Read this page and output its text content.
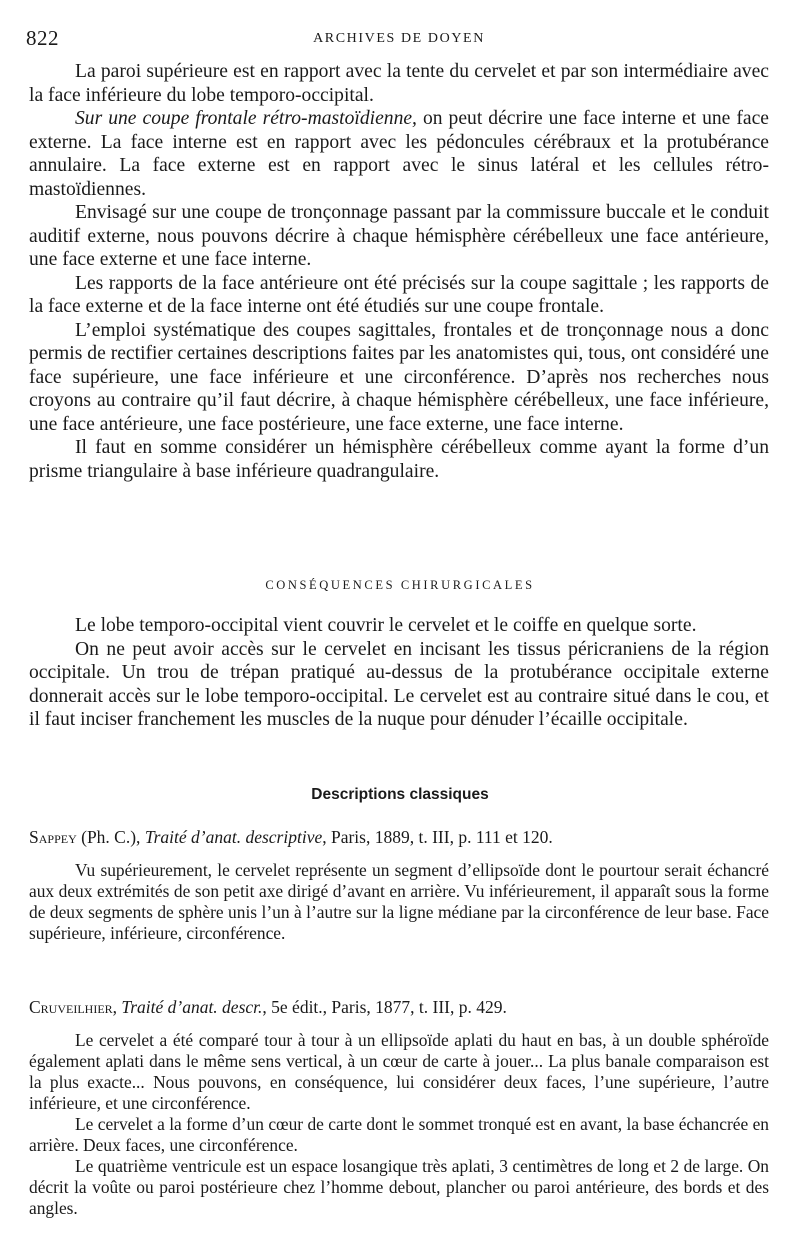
822	ARCHIVES DE DOYEN

La paroi supérieure est en rapport avec la tente du cervelet et par son intermédiaire avec la face inférieure du lobe temporo-occipital.

Sur une coupe frontale rétro-mastoïdienne, on peut décrire une face interne et une face externe. La face interne est en rapport avec les pédoncules cérébraux et la protubérance annulaire. La face externe est en rapport avec le sinus latéral et les cellules rétro-mastoïdiennes.

Envisagé sur une coupe de tronçonnage passant par la commissure buccale et le conduit auditif externe, nous pouvons décrire à chaque hémisphère cérébelleux une face antérieure, une face externe et une face interne.

Les rapports de la face antérieure ont été précisés sur la coupe sagittale ; les rapports de la face externe et de la face interne ont été étudiés sur une coupe frontale.

L’emploi systématique des coupes sagittales, frontales et de tronçonnage nous a donc permis de rectifier certaines descriptions faites par les anatomistes qui, tous, ont considéré une face supérieure, une face inférieure et une circonférence. D’après nos recherches nous croyons au contraire qu’il faut décrire, à chaque hémisphère cérébelleux, une face inférieure, une face antérieure, une face postérieure, une face externe, une face interne.

Il faut en somme considérer un hémisphère cérébelleux comme ayant la forme d’un prisme triangulaire à base inférieure quadrangulaire.

CONSÉQUENCES CHIRURGICALES

Le lobe temporo-occipital vient couvrir le cervelet et le coiffe en quelque sorte.

On ne peut avoir accès sur le cervelet en incisant les tissus péricraniens de la région occipitale. Un trou de trépan pratiqué au-dessus de la protubérance occipitale externe donnerait accès sur le lobe temporo-occipital. Le cervelet est au contraire situé dans le cou, et il faut inciser franchement les muscles de la nuque pour dénuder l’écaille occipitale.

Descriptions classiques
Sappey (Ph. C.), Traité d’anat. descriptive, Paris, 1889, t. III, p. 111 et 120.

Vu supérieurement, le cervelet représente un segment d’ellipsoïde dont le pourtour serait échancré aux deux extrémités de son petit axe dirigé d’avant en arrière. Vu inférieurement, il apparaît sous la forme de deux segments de sphère unis l’un à l’autre sur la ligne médiane par la circonférence de leur base. Face supérieure, inférieure, circonférence.

Cruveilhier, Traité d’anat. descr., 5e édit., Paris, 1877, t. III, p. 429.

Le cervelet a été comparé tour à tour à un ellipsoïde aplati du haut en bas, à un double sphéroïde également aplati dans le même sens vertical, à un cœur de carte à jouer... La plus banale comparaison est la plus exacte... Nous pouvons, en conséquence, lui considérer deux faces, l’une supérieure, l’autre inférieure, et une circonférence.

Le cervelet a la forme d’un cœur de carte dont le sommet tronqué est en avant, la base échancrée en arrière. Deux faces, une circonférence.

Le quatrième ventricule est un espace losangique très aplati, 3 centimètres de long et 2 de large. On décrit la voûte ou paroi postérieure chez l’homme debout, plancher ou paroi antérieure, des bords et des angles.
